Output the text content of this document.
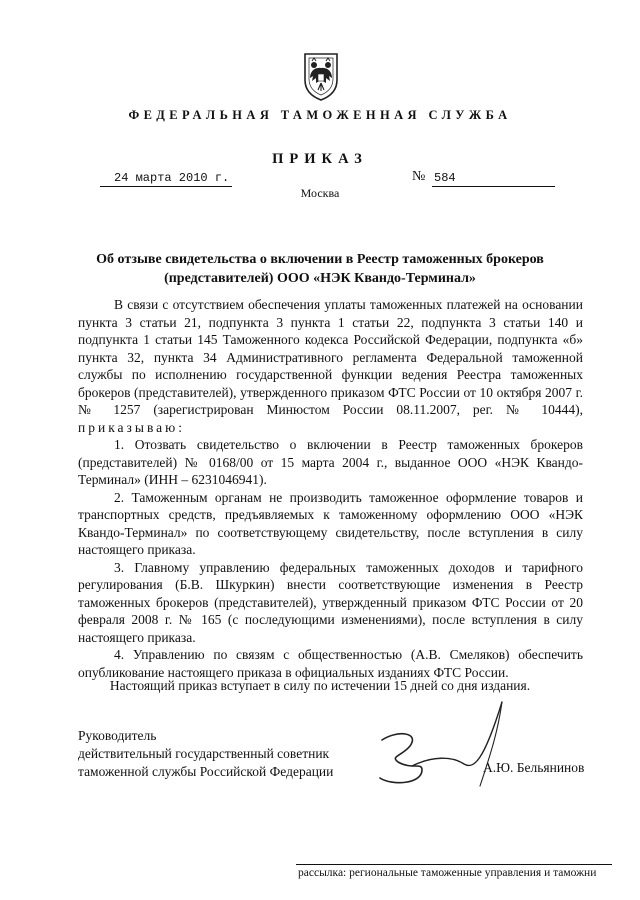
ФЕДЕРАЛЬНАЯ ТАМОЖЕННАЯ СЛУЖБА
ПРИКАЗ
24 марта 2010 г.	№ 584
Москва
Об отзыве свидетельства о включении в Реестр таможенных брокеров
(представителей) ООО «НЭК Квандо-Терминал»

В связи с отсутствием обеспечения уплаты таможенных платежей на основании пункта 3 статьи 21, подпункта 3 пункта 1 статьи 22, подпункта 3 статьи 140 и подпункта 1 статьи 145 Таможенного кодекса Российской Федерации, подпункта «б» пункта 32, пункта 34 Административного регламента Федеральной таможенной службы по исполнению государственной функции ведения Реестра таможенных брокеров (представителей), утвержденного приказом ФТС России от 10 октября 2007 г. № 1257 (зарегистрирован Минюстом России 08.11.2007, рег. № 10444), приказываю:

1. Отозвать свидетельство о включении в Реестр таможенных брокеров (представителей) № 0168/00 от 15 марта 2004 г., выданное ООО «НЭК Квандо-Терминал» (ИНН – 6231046941).

2. Таможенным органам не производить таможенное оформление товаров и транспортных средств, предъявляемых к таможенному оформлению ООО «НЭК Квандо-Терминал» по соответствующему свидетельству, после вступления в силу настоящего приказа.

3. Главному управлению федеральных таможенных доходов и тарифного регулирования (Б.В. Шкуркин) внести соответствующие изменения в Реестр таможенных брокеров (представителей), утвержденный приказом ФТС России от 20 февраля 2008 г. № 165 (с последующими изменениями), после вступления в силу настоящего приказа.

4. Управлению по связям с общественностью (А.В. Смеляков) обеспечить опубликование настоящего приказа в официальных изданиях ФТС России.

Настоящий приказ вступает в силу по истечении 15 дней со дня издания.
Руководитель
действительный государственный советник
таможенной службы Российской Федерации	А.Ю. Бельянинов
рассылка: региональные таможенные управления и таможни
